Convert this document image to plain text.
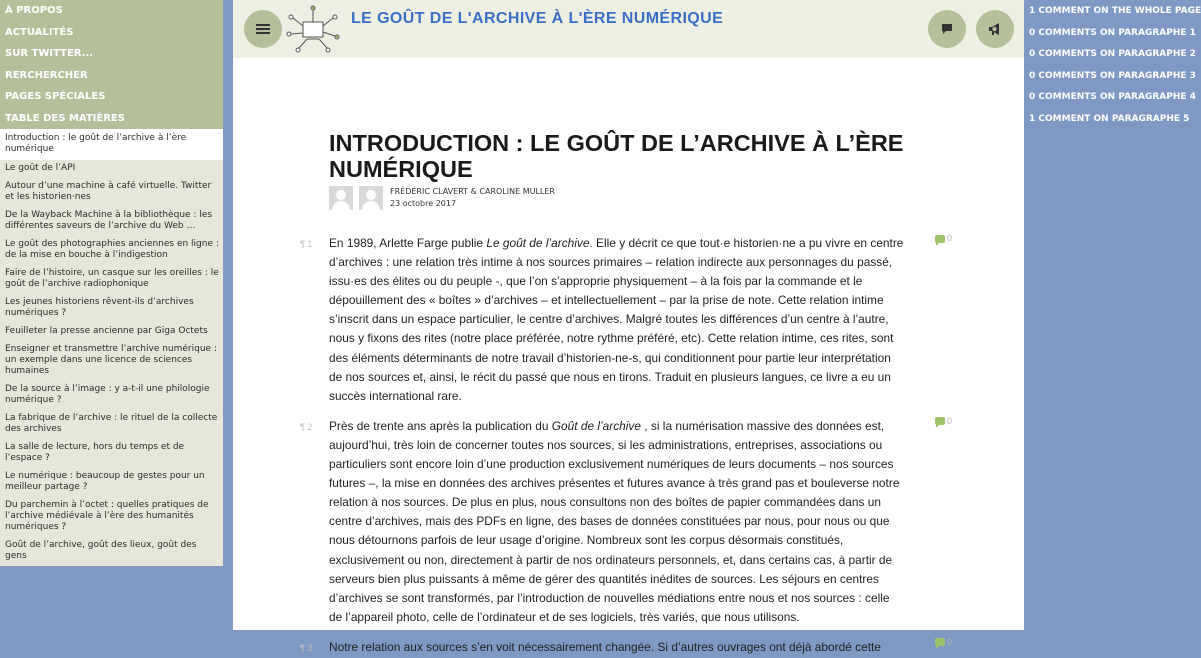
À PROPOS
ACTUALITÉS
SUR TWITTER...
RERCHERCHER
PAGES SPÉCIALES
TABLE DES MATIÈRES
Introduction : le goût de l’archive à l’ère numérique
Le goût de l’API
Autour d’une machine à café virtuelle. Twitter et les historien·nes
De la Wayback Machine à la bibliothèque : les différentes saveurs de l’archive du Web …
Le goût des photographies anciennes en ligne : de la mise en bouche à l’indigestion
Faire de l’histoire, un casque sur les oreilles : le goût de l’archive radiophonique
Les jeunes historiens rêvent-ils d’archives numériques ?
Feuilleter la presse ancienne par Giga Octets
Enseigner et transmettre l’archive numérique : un exemple dans une licence de sciences humaines
De la source à l’image : y a-t-il une philologie numérique ?
La fabrique de l’archive : le rituel de la collecte des archives
La salle de lecture, hors du temps et de l’espace ?
Le numérique : beaucoup de gestes pour un meilleur partage ?
Du parchemin à l’octet : quelles pratiques de l’archive médiévale à l’ère des humanités numériques ?
Goût de l’archive, goût des lieux, goût des gens
LE GOÛT DE L'ARCHIVE À L'ÈRE NUMÉRIQUE
INTRODUCTION : LE GOÛT DE L’ARCHIVE À L’ÈRE NUMÉRIQUE
FRÉDÉRIC CLAVERT & CAROLINE MULLER
23 octobre 2017
¶ 1
0
En 1989, Arlette Farge publie Le goût de l’archive. Elle y décrit ce que tout·e historien·ne a pu vivre en centre d’archives : une relation très intime à nos sources primaires – relation indirecte aux personnages du passé, issu·es des élites ou du peuple -, que l’on s’approprie physiquement – à la fois par la commande et le dépouillement des « boîtes » d’archives – et intellectuellement – par la prise de note. Cette relation intime s’inscrit dans un espace particulier, le centre d’archives. Malgré toutes les différences d’un centre à l’autre, nous y fixons des rites (notre place préférée, notre rythme préféré, etc). Cette relation intime, ces rites, sont des éléments déterminants de notre travail d’historien-ne-s, qui conditionnent pour partie leur interprétation de nos sources et, ainsi, le récit du passé que nous en tirons. Traduit en plusieurs langues, ce livre a eu un succès international rare.
¶ 2
0
Près de trente ans après la publication du Goût de l’archive , si la numérisation massive des données est, aujourd’hui, très loin de concerner toutes nos sources, si les administrations, entreprises, associations ou particuliers sont encore loin d’une production exclusivement numériques de leurs documents – nos sources futures –, la mise en données des archives présentes et futures avance à très grand pas et bouleverse notre relation à nos sources. De plus en plus, nous consultons non des boîtes de papier commandées dans un centre d’archives, mais des PDFs en ligne, des bases de données constituées par nous, pour nous ou que nous détournons parfois de leur usage d’origine. Nombreux sont les corpus désormais constitués, exclusivement ou non, directement à partir de nos ordinateurs personnels, et, dans certains cas, à partir de serveurs bien plus puissants à même de gérer des quantités inédites de sources. Les séjours en centres d’archives se sont transformés, par l’introduction de nouvelles médiations entre nous et nos sources : celle de l’appareil photo, celle de l’ordinateur et de ses logiciels, très variés, que nous utilisons.
¶ 3
0
Notre relation aux sources s’en voit nécessairement changée. Si d’autres ouvrages ont déjà abordé cette
1 COMMENT ON THE WHOLE PAGE
0 COMMENTS ON PARAGRAPHE 1
0 COMMENTS ON PARAGRAPHE 2
0 COMMENTS ON PARAGRAPHE 3
0 COMMENTS ON PARAGRAPHE 4
1 COMMENT ON PARAGRAPHE 5
